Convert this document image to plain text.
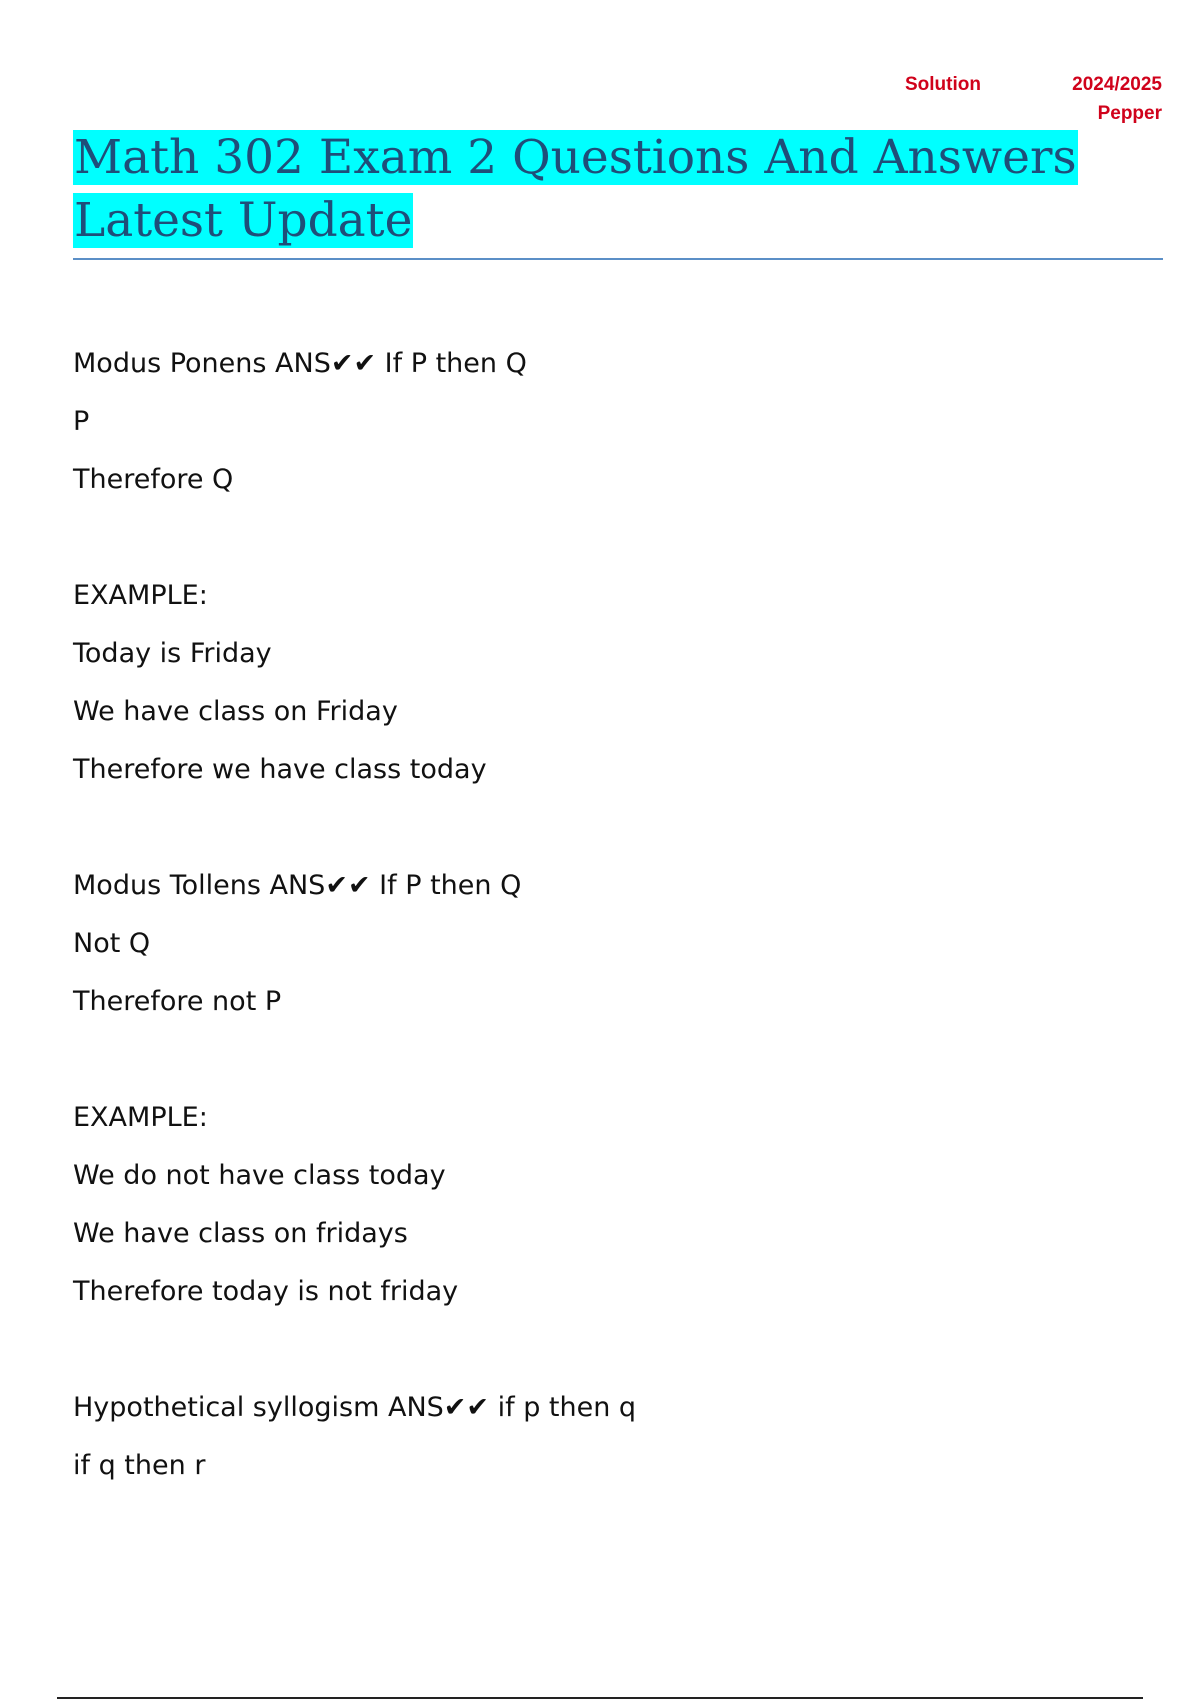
Solution	2024/2025
Pepper
Math 302 Exam 2 Questions And Answers
Latest Update
Modus Ponens ANS✔✔ If P then Q
P
Therefore Q
EXAMPLE:
Today is Friday
We have class on Friday
Therefore we have class today
Modus Tollens ANS✔✔ If P then Q
Not Q
Therefore not P
EXAMPLE:
We do not have class today
We have class on fridays
Therefore today is not friday
Hypothetical syllogism ANS✔✔ if p then q
if q then r
